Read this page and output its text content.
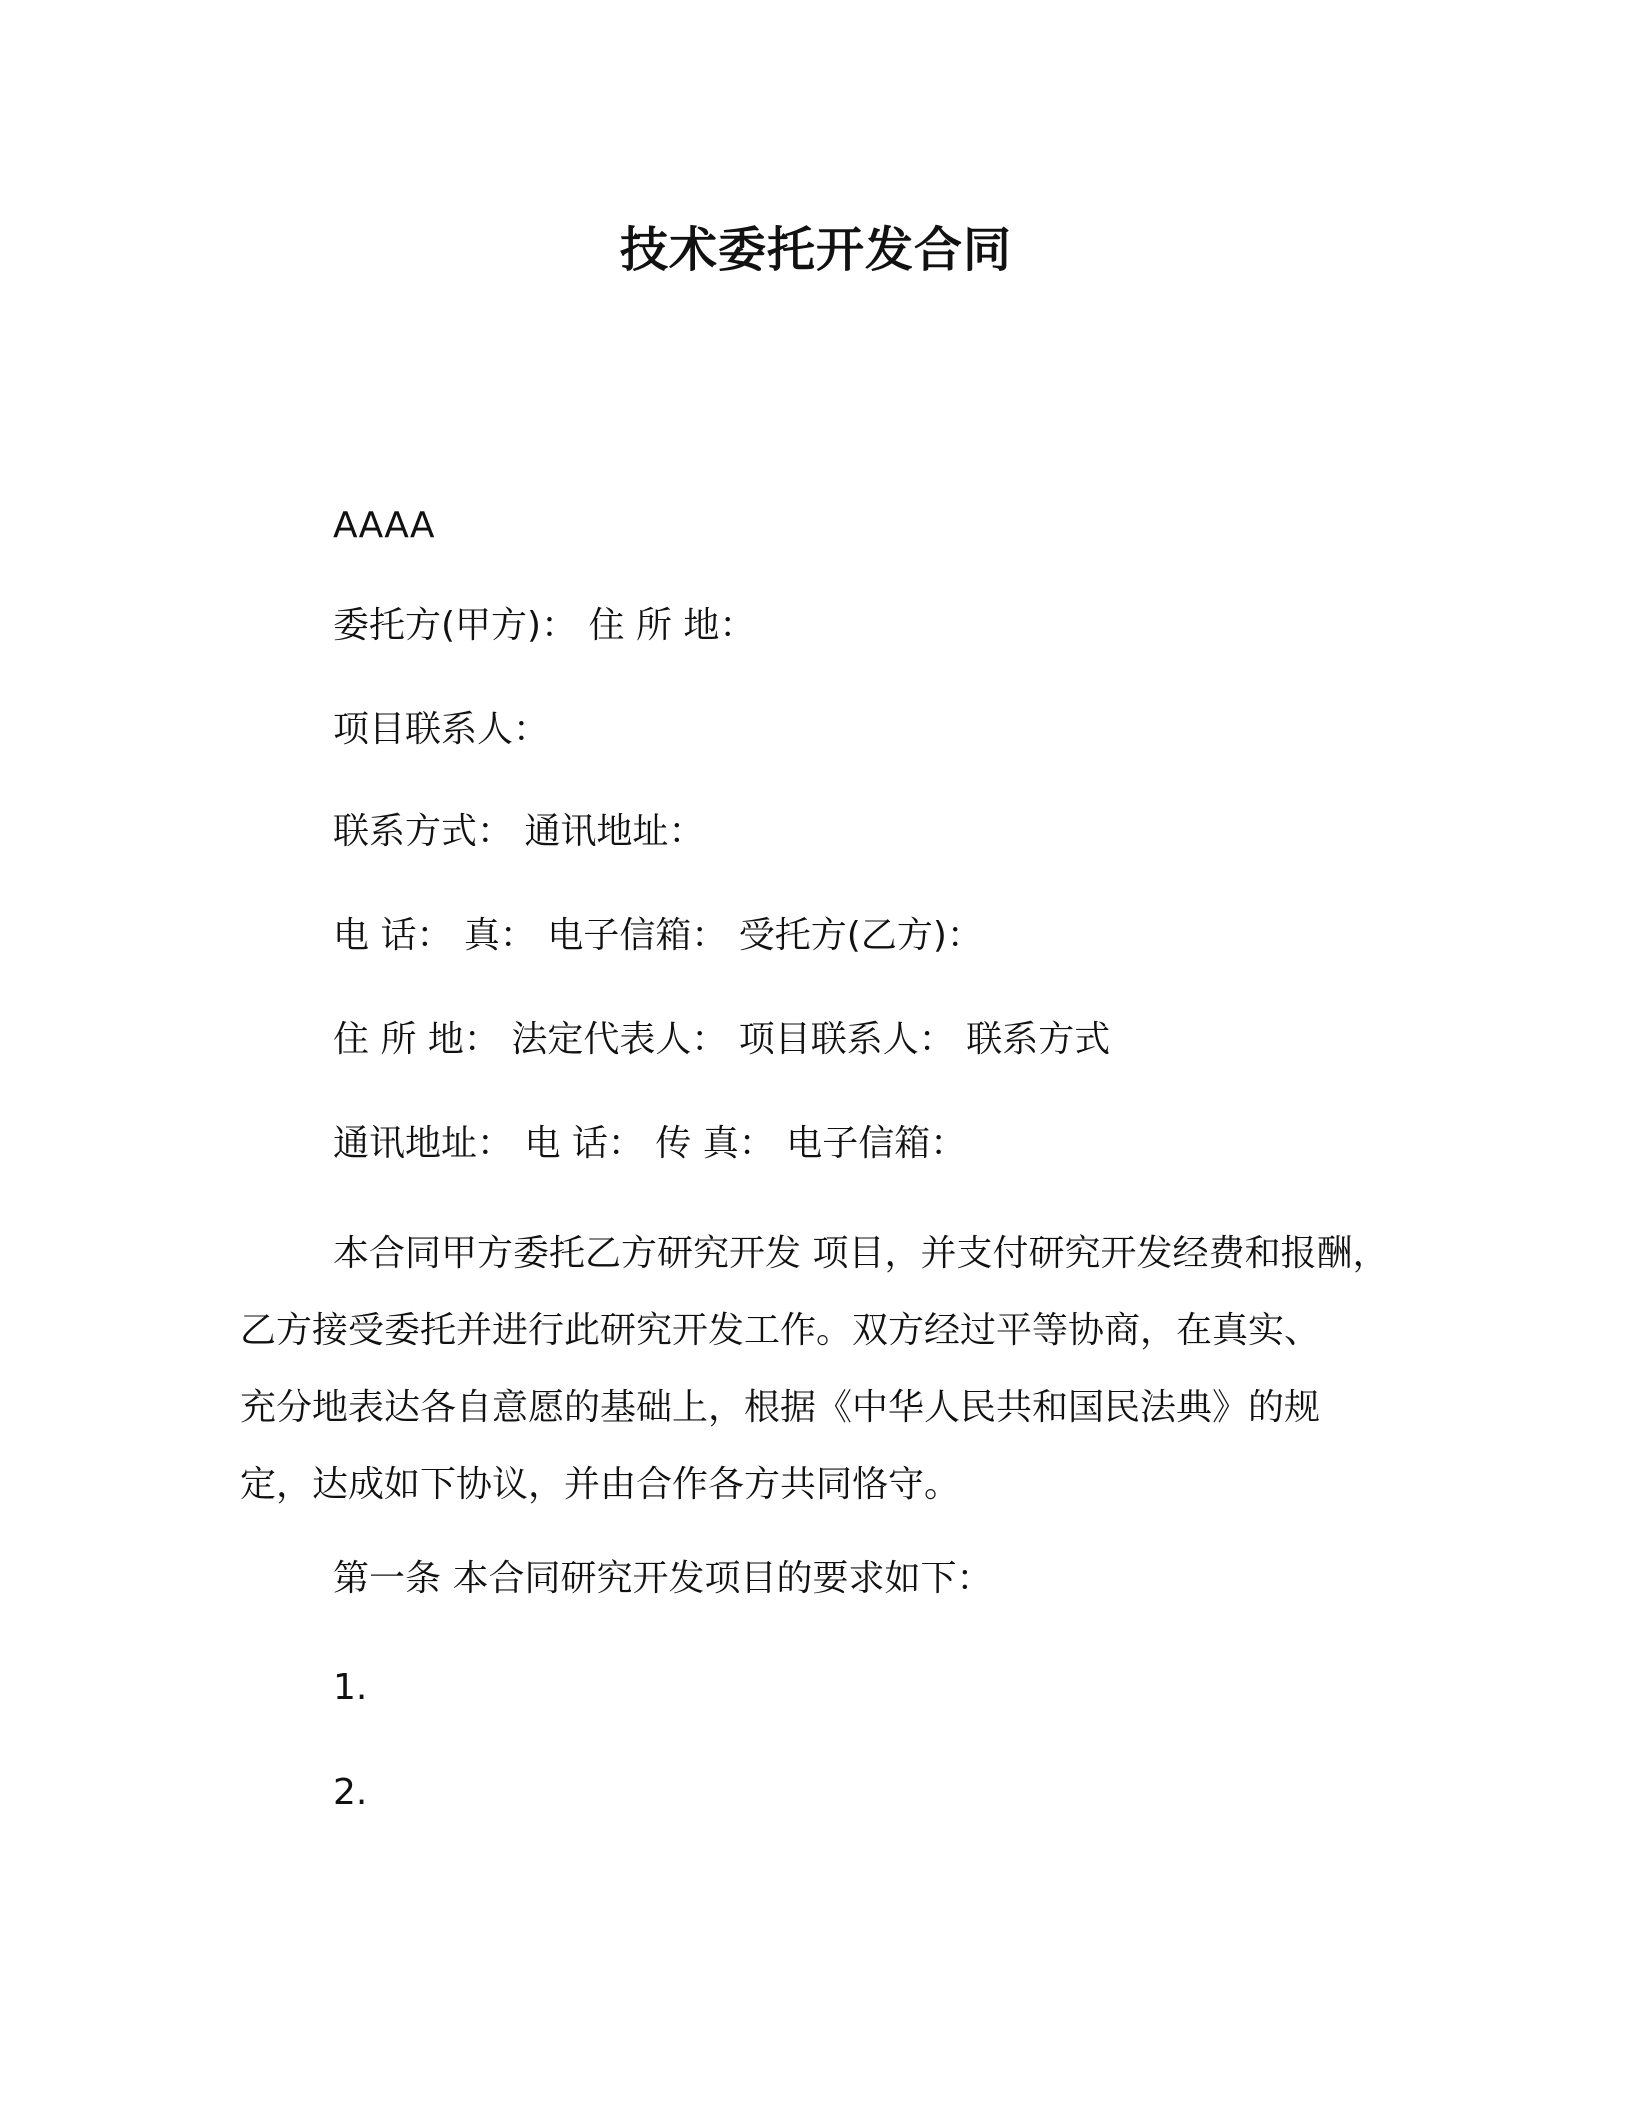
技术委托开发合同
AAAA
委托方(甲方)： 住 所 地：
项目联系人：
联系方式： 通讯地址：
电 话： 真： 电子信箱： 受托方(乙方)：
住 所 地： 法定代表人： 项目联系人： 联系方式
通讯地址： 电 话： 传 真： 电子信箱：
本合同甲方委托乙方研究开发 项目，并支付研究开发经费和报酬，
乙方接受委托并进行此研究开发工作。双方经过平等协商，在真实、
充分地表达各自意愿的基础上，根据《中华人民共和国民法典》的规
定，达成如下协议，并由合作各方共同恪守。
第一条 本合同研究开发项目的要求如下：
1.
2.
